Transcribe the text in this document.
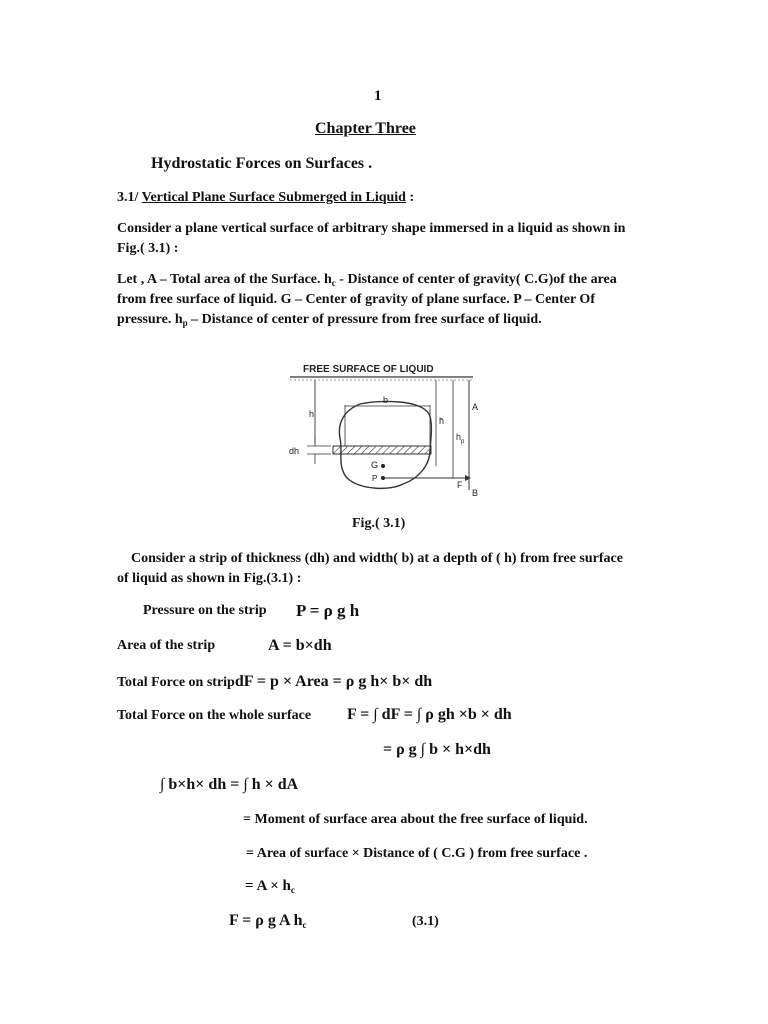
1
Chapter Three
Hydrostatic Forces on Surfaces .
3.1/ Vertical Plane Surface Submerged in Liquid :
Consider a plane vertical surface of arbitrary shape immersed in a liquid as shown in Fig.( 3.1) :
Let , A – Total area of the Surface. $h_c$ - Distance of center of gravity( C.G)of the area from free surface of liquid. G – Center of gravity of plane surface. P – Center Of pressure. $h_p$ – Distance of center of pressure from free surface of liquid.
FREE SURFACE OF LIQUID
h
dh
b
h̄
$h_p$
A
B
G
P
F
Fig.( 3.1)
Consider a strip of thickness (dh) and width( b) at a depth of ( h) from free surface of liquid as shown in Fig.(3.1) :
Pressure on the strip P = ρ g h
Area of the strip	A = b×dh
Total Force on stripdF = p × Area = ρ g h× b× dh
Total Force on the whole surface F = ∫ dF = ∫ ρ gh ×b × dh
= ρ g ∫ b × h×dh
∫ b×h× dh = ∫ h × dA
= Moment of surface area about the free surface of liquid.
= Area of surface × Distance of ( C.G ) from free surface .
= $A \times h_c$
F = ρ g A $h_c$	(3.1)
